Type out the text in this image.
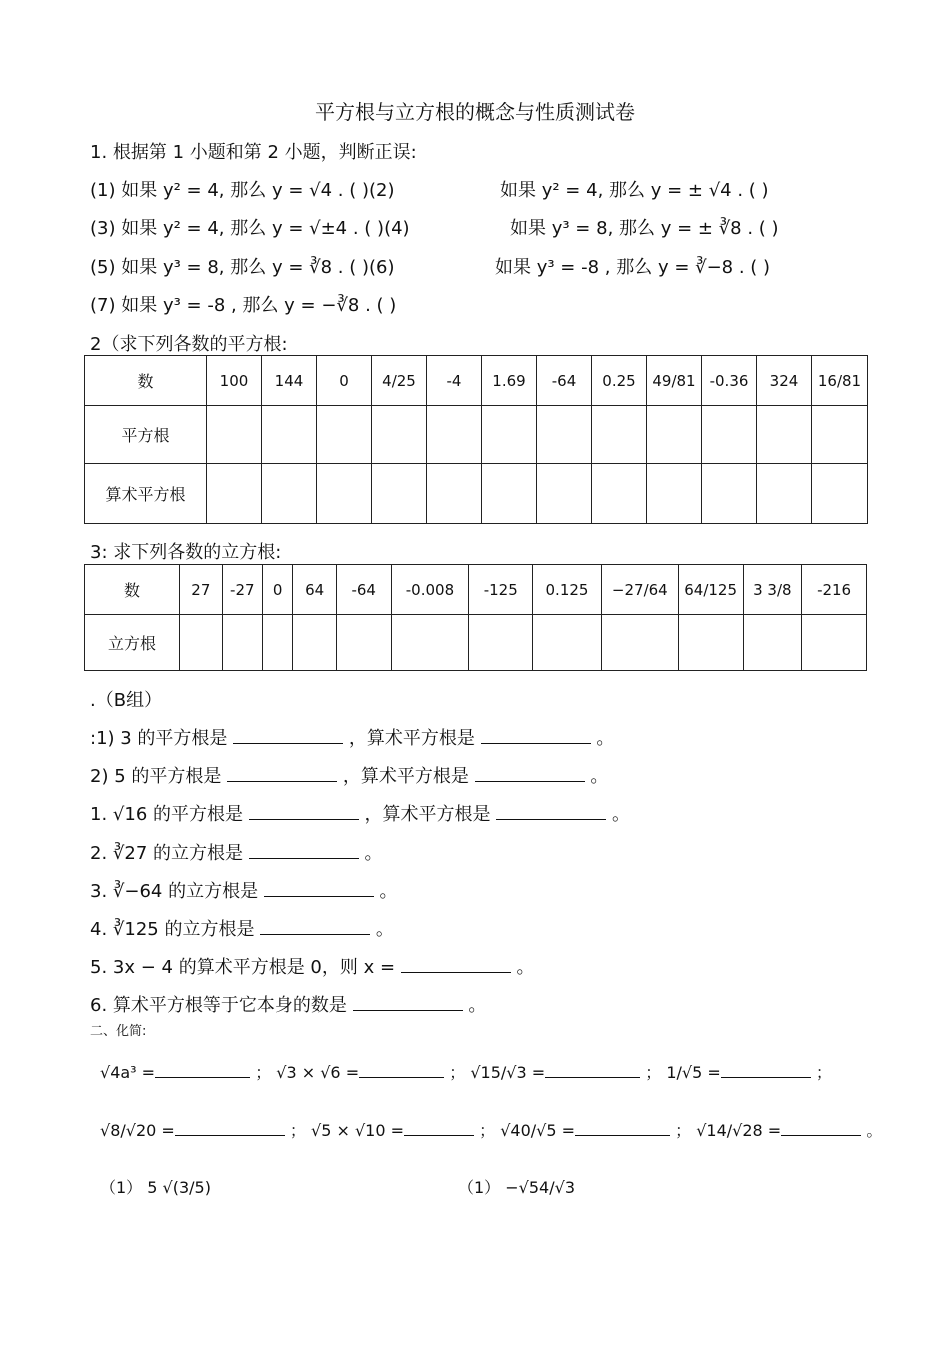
平方根与立方根的概念与性质测试卷
1. 根据第 1 小题和第 2 小题，判断正误:
(1) 如果 y² = 4, 那么 y = √4 . ( )(2)	如果 y² = 4, 那么 y = ± √4 . ( )
(3) 如果 y² = 4, 那么 y = √±4 . ( )(4)	如果 y³ = 8, 那么 y = ± ∛8 . ( )
(5) 如果 y³ = 8, 那么 y = ∛8 . ( )(6)	如果 y³ = -8 , 那么 y = ∛−8 . ( )
(7) 如果 y³ = -8 , 那么 y = −∛8 . ( )
2（求下列各数的平方根:
数	100	144	0	4/25	-4	1.69	-64	0.25	49/81	-0.36	324	16/81
平方根												
算术平方根												
3: 求下列各数的立方根:
数	27	-27	0	64	-64	-0.008	-125	0.125	−27/64	64/125	3 3/8	-216
立方根												
.（B组）
:1) 3 的平方根是	，算术平方根是	。
2) 5 的平方根是	，算术平方根是	。
1. √16 的平方根是	，算术平方根是	。
2. ∛27 的立方根是	。
3. ∛−64 的立方根是	。
4. ∛125 的立方根是	。
5. 3x − 4 的算术平方根是 0，则 x =	。
6. 算术平方根等于它本身的数是	。
二、化简:
√4a³ =	； √3 × √6 =	； √15/√3 =	； 1/√5 =	；
√8/√20 =	； √5 × √10 =	； √40/√5 =	； √14/√28 =	。
（1） 5 √(3/5)	（1） −√54/√3
